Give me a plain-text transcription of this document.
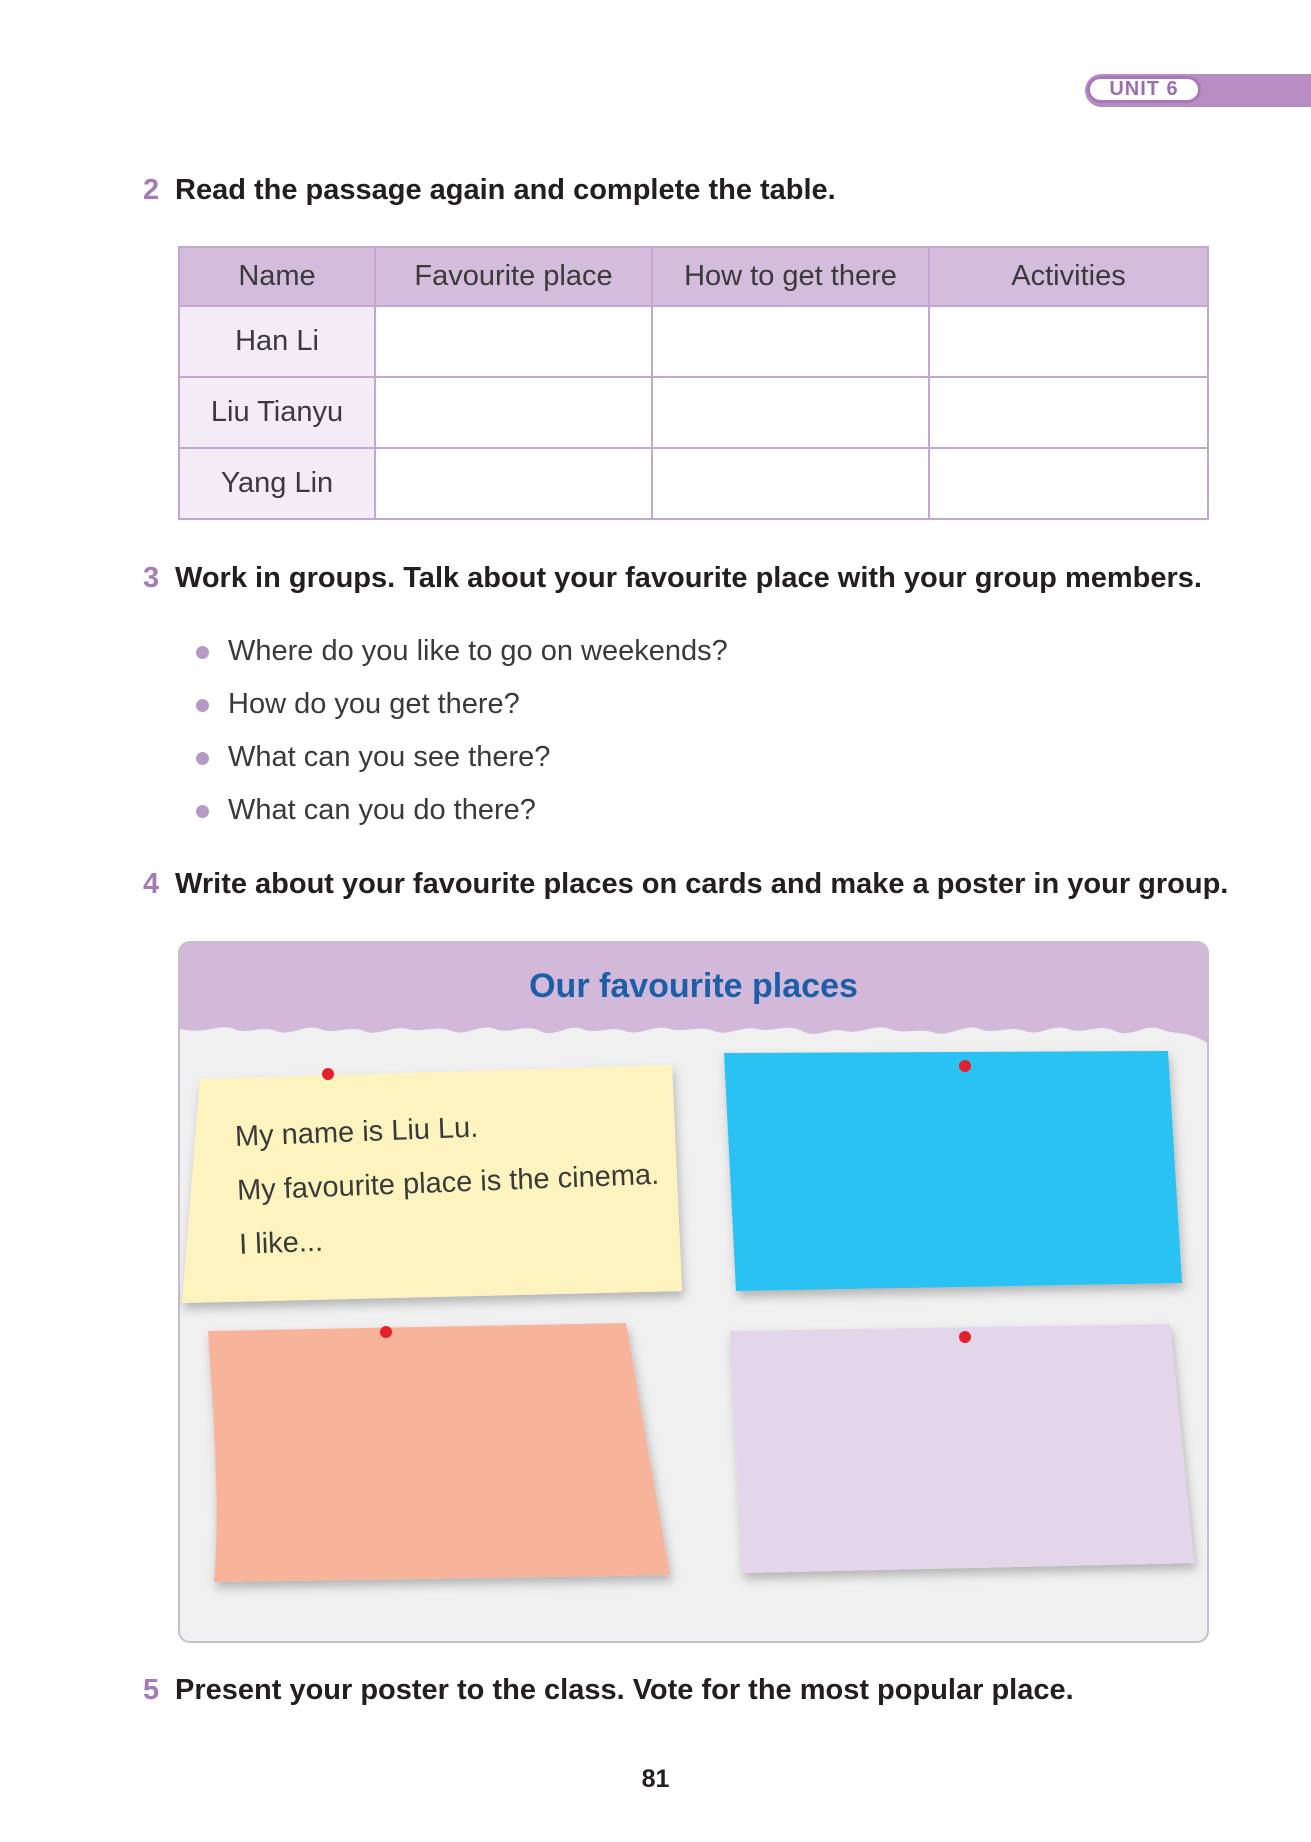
UNIT 6
2 Read the passage again and complete the table.
Name	Favourite place	How to get there	Activities
Han Li			
Liu Tianyu			
Yang Lin			
3 Work in groups. Talk about your favourite place with your group members.
Where do you like to go on weekends?
How do you get there?
What can you see there?
What can you do there?
4 Write about your favourite places on cards and make a poster in your group.
Our favourite places
My name is Liu Lu.
My favourite place is the cinema.
I like...
5 Present your poster to the class. Vote for the most popular place.
81
